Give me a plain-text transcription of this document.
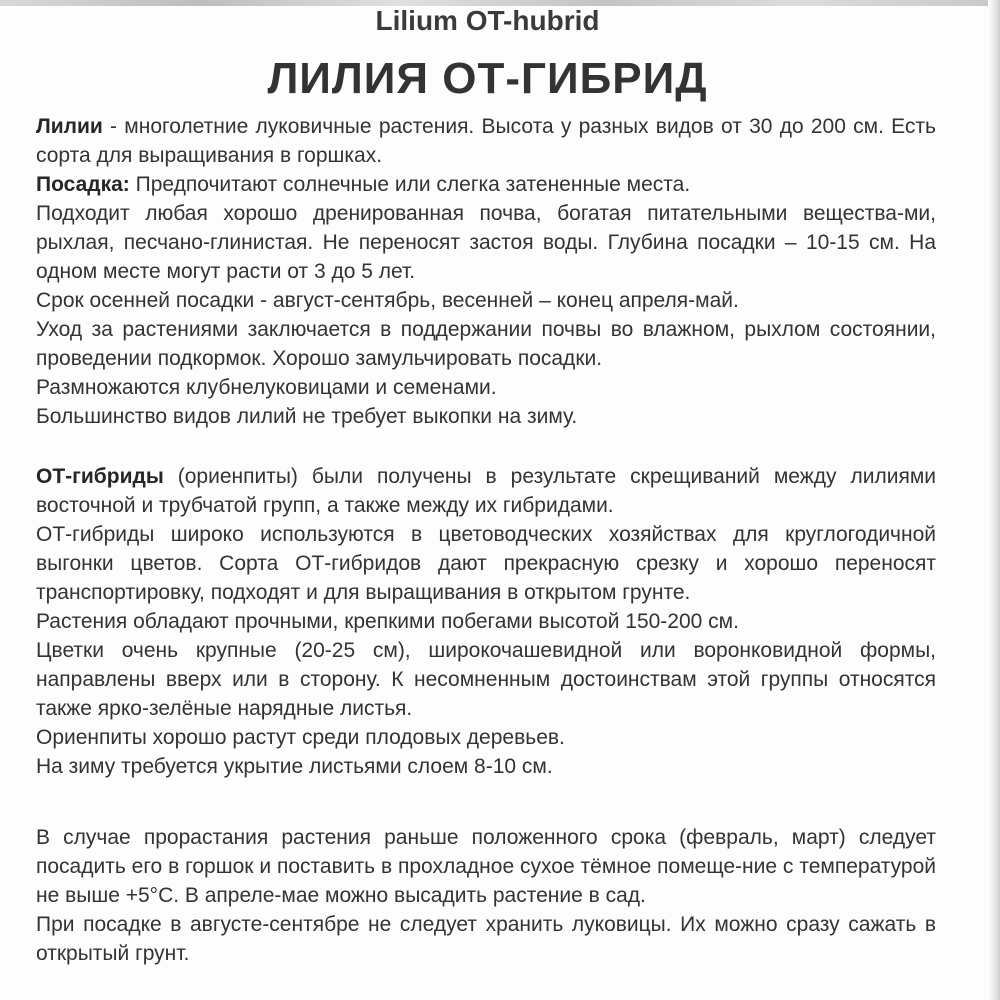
Lilium OT-hubrid
ЛИЛИЯ ОТ-ГИБРИД

Лилии - многолетние луковичные растения. Высота у разных видов от 30 до 200 см. Есть сорта для выращивания в горшках.

Посадка: Предпочитают солнечные или слегка затененные места.

Подходит любая хорошо дренированная почва, богатая питательными вещества-ми, рыхлая, песчано-глинистая. Не переносят застоя воды. Глубина посадки – 10-15 см. На одном месте могут расти от 3 до 5 лет.

Срок осенней посадки - август-сентябрь, весенней – конец апреля-май.

Уход за растениями заключается в поддержании почвы во влажном, рыхлом состоянии, проведении подкормок. Хорошо замульчировать посадки.

Размножаются клубнелуковицами и семенами.

Большинство видов лилий не требует выкопки на зиму.

ОТ-гибриды (ориенпиты) были получены в результате скрещиваний между лилиями восточной и трубчатой групп, а также между их гибридами.

ОТ-гибриды широко используются в цветоводческих хозяйствах для круглогодичной выгонки цветов. Сорта ОТ-гибридов дают прекрасную срезку и хорошо переносят транспортировку, подходят и для выращивания в открытом грунте.

Растения обладают прочными, крепкими побегами высотой 150-200 см.

Цветки очень крупные (20-25 см), широкочашевидной или воронковидной формы, направлены вверх или в сторону. К несомненным достоинствам этой группы относятся также ярко-зелёные нарядные листья.

Ориенпиты хорошо растут среди плодовых деревьев.

На зиму требуется укрытие листьями слоем 8-10 см.

В случае прорастания растения раньше положенного срока (февраль, март) следует посадить его в горшок и поставить в прохладное сухое тёмное помеще-ние с температурой не выше +5°С. В апреле-мае можно высадить растение в сад.

При посадке в августе-сентябре не следует хранить луковицы. Их можно сразу сажать в открытый грунт.
